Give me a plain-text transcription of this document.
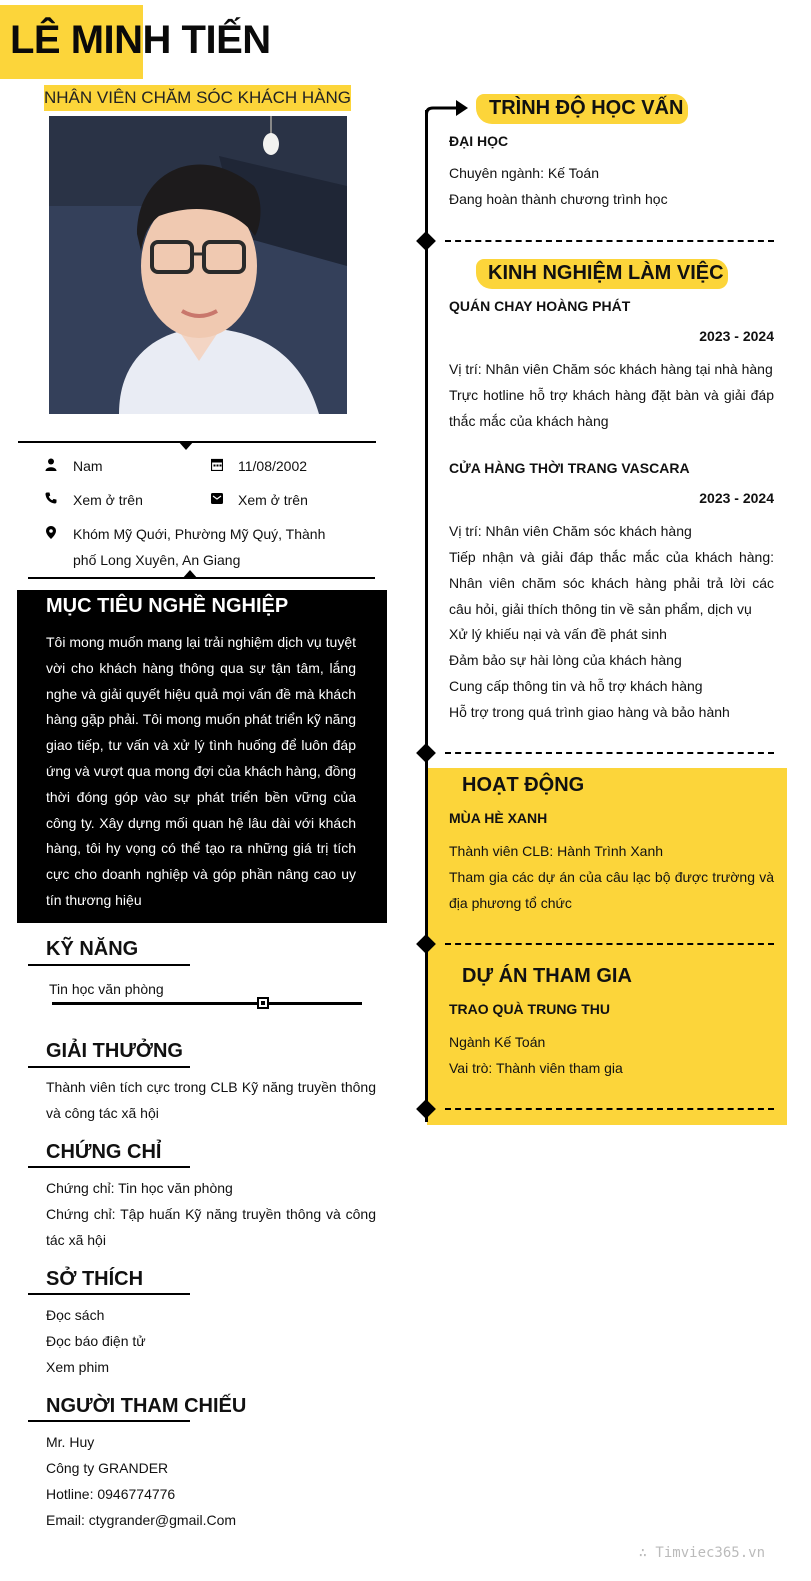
LÊ MINH TIẾN
NHÂN VIÊN CHĂM SÓC KHÁCH HÀNG
Nam	11/08/2002
Xem ở trên	Xem ở trên
Khóm Mỹ Quới, Phường Mỹ Quý, Thành phố Long Xuyên, An Giang
MỤC TIÊU NGHỀ NGHIỆP
Tôi mong muốn mang lại trải nghiệm dịch vụ tuyệt vời cho khách hàng thông qua sự tận tâm, lắng nghe và giải quyết hiệu quả mọi vấn đề mà khách hàng gặp phải. Tôi mong muốn phát triển kỹ năng giao tiếp, tư vấn và xử lý tình huống để luôn đáp ứng và vượt qua mong đợi của khách hàng, đồng thời đóng góp vào sự phát triển bền vững của công ty. Xây dựng mối quan hệ lâu dài với khách hàng, tôi hy vọng có thể tạo ra những giá trị tích cực cho doanh nghiệp và góp phần nâng cao uy tín thương hiệu
KỸ NĂNG
Tin học văn phòng
GIẢI THƯỞNG
Thành viên tích cực trong CLB Kỹ năng truyền thông và công tác xã hội
CHỨNG CHỈ
Chứng chỉ: Tin học văn phòng
Chứng chỉ: Tập huấn Kỹ năng truyền thông và công tác xã hội
SỞ THÍCH
Đọc sách
Đọc báo điện tử
Xem phim
NGƯỜI THAM CHIẾU
Mr. Huy
Công ty GRANDER
Hotline: 0946774776
Email: ctygrander@gmail.Com
TRÌNH ĐỘ HỌC VẤN
ĐẠI HỌC
Chuyên ngành: Kế Toán
Đang hoàn thành chương trình học
KINH NGHIỆM LÀM VIỆC
QUÁN CHAY HOÀNG PHÁT
2023 - 2024
Vị trí: Nhân viên Chăm sóc khách hàng tại nhà hàng
Trực hotline hỗ trợ khách hàng đặt bàn và giải đáp thắc mắc của khách hàng
CỬA HÀNG THỜI TRANG VASCARA
2023 - 2024
Vị trí: Nhân viên Chăm sóc khách hàng
Tiếp nhận và giải đáp thắc mắc của khách hàng: Nhân viên chăm sóc khách hàng phải trả lời các câu hỏi, giải thích thông tin về sản phẩm, dịch vụ
Xử lý khiếu nại và vấn đề phát sinh
Đảm bảo sự hài lòng của khách hàng
Cung cấp thông tin và hỗ trợ khách hàng
Hỗ trợ trong quá trình giao hàng và bảo hành
HOẠT ĐỘNG
MÙA HÈ XANH
Thành viên CLB: Hành Trình Xanh
Tham gia các dự án của câu lạc bộ được trường và địa phương tổ chức
DỰ ÁN THAM GIA
TRAO QUÀ TRUNG THU
Ngành Kế Toán
Vai trò: Thành viên tham gia
∴ Timviec365.vn
